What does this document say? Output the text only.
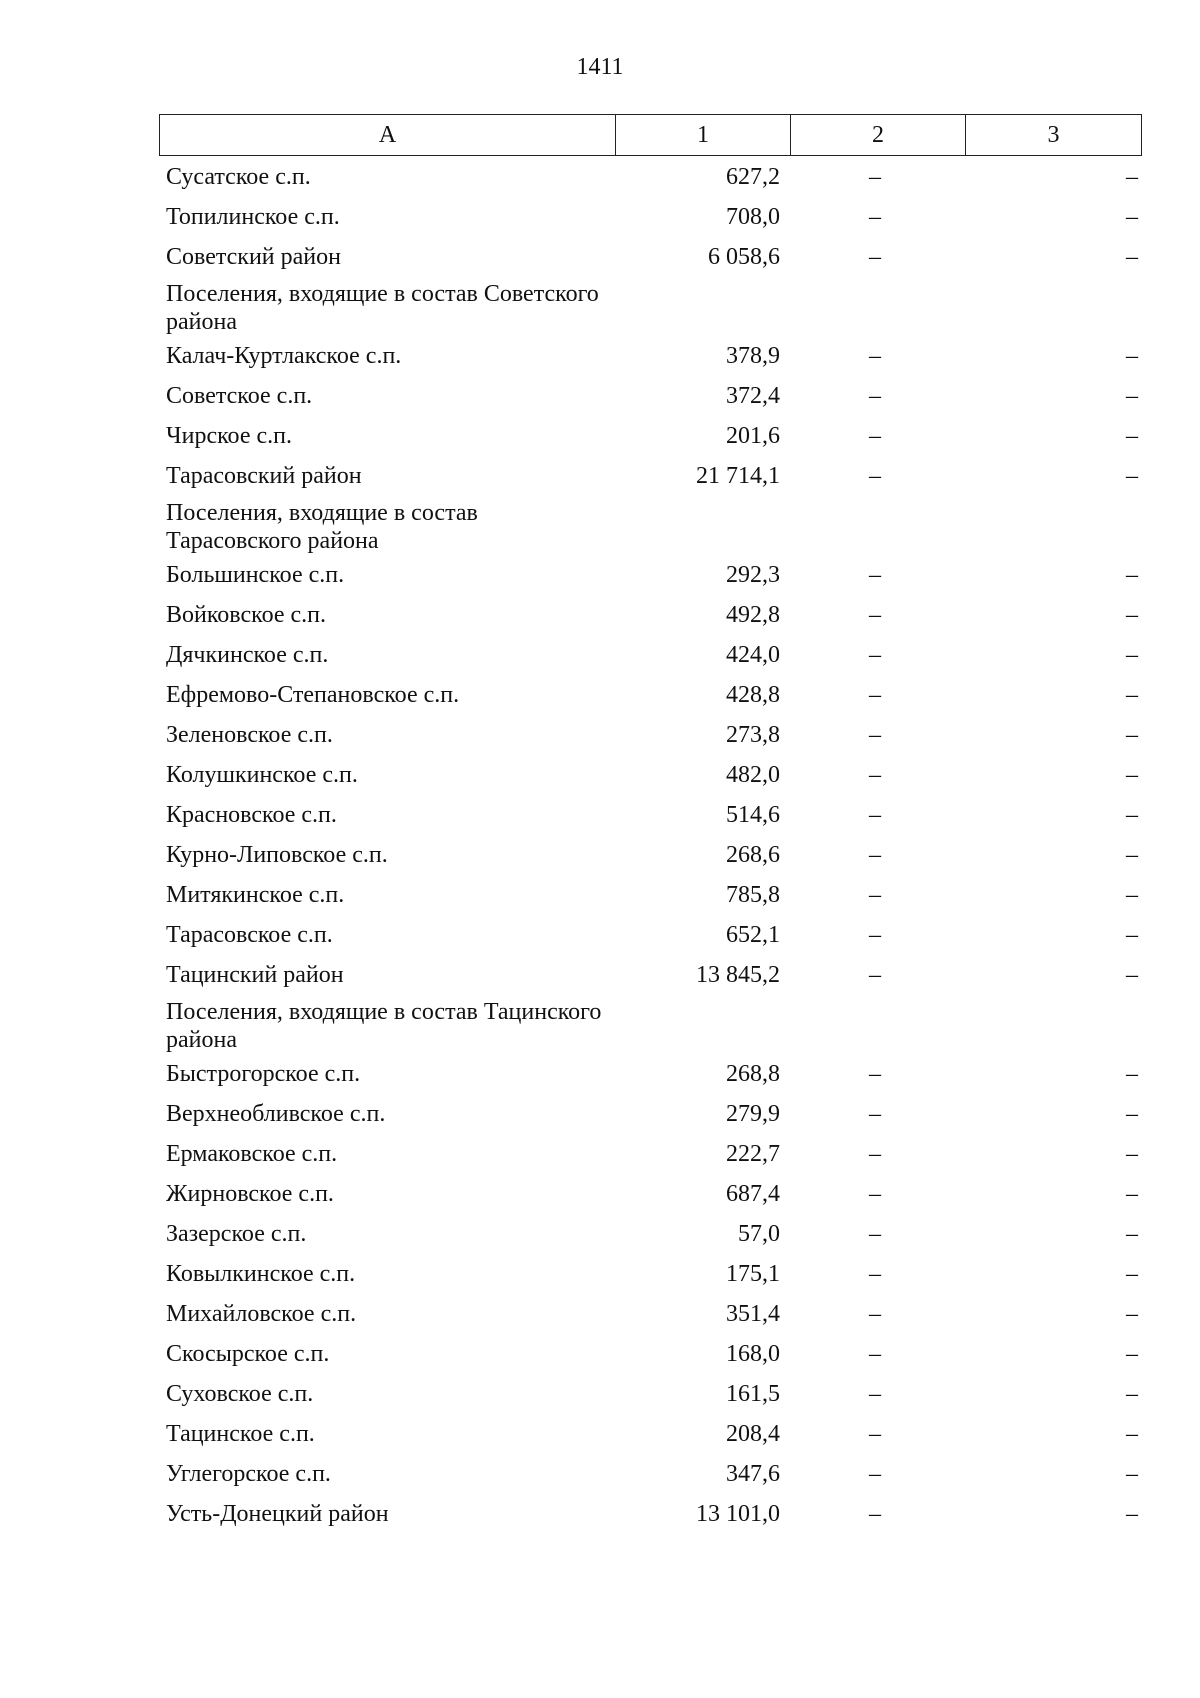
1411
А	1	2	3
Сусатское с.п.	627,2	–	–
Топилинское с.п.	708,0	–	–
Советский район	6 058,6	–	–
Поселения, входящие в состав Советского района
Калач-Куртлакское с.п.	378,9	–	–
Советское с.п.	372,4	–	–
Чирское с.п.	201,6	–	–
Тарасовский район	21 714,1	–	–
Поселения, входящие в состав Тарасовского района
Большинское с.п.	292,3	–	–
Войковское с.п.	492,8	–	–
Дячкинское с.п.	424,0	–	–
Ефремово-Степановское с.п.	428,8	–	–
Зеленовское с.п.	273,8	–	–
Колушкинское с.п.	482,0	–	–
Красновское с.п.	514,6	–	–
Курно-Липовское с.п.	268,6	–	–
Митякинское с.п.	785,8	–	–
Тарасовское с.п.	652,1	–	–
Тацинский район	13 845,2	–	–
Поселения, входящие в состав Тацинского района
Быстрогорское с.п.	268,8	–	–
Верхнеобливское с.п.	279,9	–	–
Ермаковское с.п.	222,7	–	–
Жирновское с.п.	687,4	–	–
Зазерское с.п.	57,0	–	–
Ковылкинское с.п.	175,1	–	–
Михайловское с.п.	351,4	–	–
Скосырское с.п.	168,0	–	–
Суховское с.п.	161,5	–	–
Тацинское с.п.	208,4	–	–
Углегорское с.п.	347,6	–	–
Усть-Донецкий район	13 101,0	–	–
